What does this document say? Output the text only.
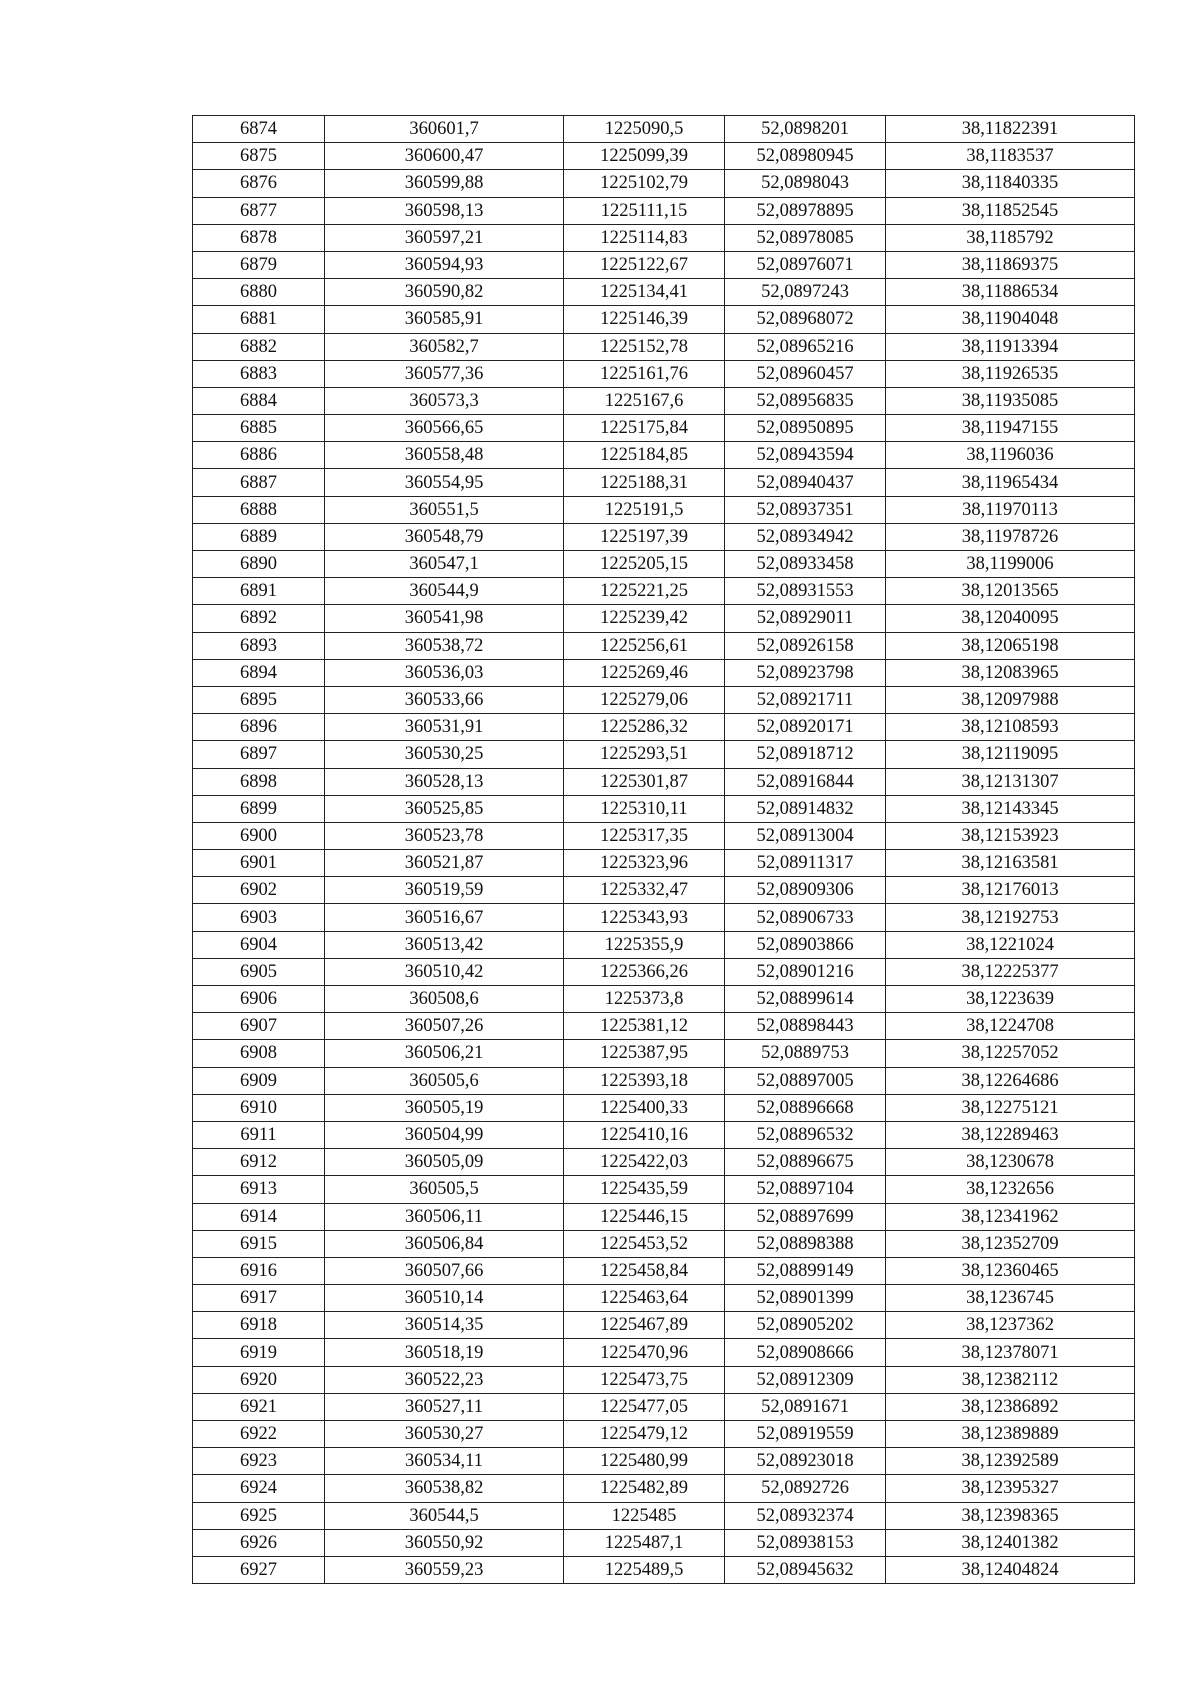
6874	360601,7	1225090,5	52,0898201	38,11822391
6875	360600,47	1225099,39	52,08980945	38,1183537
6876	360599,88	1225102,79	52,0898043	38,11840335
6877	360598,13	1225111,15	52,08978895	38,11852545
6878	360597,21	1225114,83	52,08978085	38,1185792
6879	360594,93	1225122,67	52,08976071	38,11869375
6880	360590,82	1225134,41	52,0897243	38,11886534
6881	360585,91	1225146,39	52,08968072	38,11904048
6882	360582,7	1225152,78	52,08965216	38,11913394
6883	360577,36	1225161,76	52,08960457	38,11926535
6884	360573,3	1225167,6	52,08956835	38,11935085
6885	360566,65	1225175,84	52,08950895	38,11947155
6886	360558,48	1225184,85	52,08943594	38,1196036
6887	360554,95	1225188,31	52,08940437	38,11965434
6888	360551,5	1225191,5	52,08937351	38,11970113
6889	360548,79	1225197,39	52,08934942	38,11978726
6890	360547,1	1225205,15	52,08933458	38,1199006
6891	360544,9	1225221,25	52,08931553	38,12013565
6892	360541,98	1225239,42	52,08929011	38,12040095
6893	360538,72	1225256,61	52,08926158	38,12065198
6894	360536,03	1225269,46	52,08923798	38,12083965
6895	360533,66	1225279,06	52,08921711	38,12097988
6896	360531,91	1225286,32	52,08920171	38,12108593
6897	360530,25	1225293,51	52,08918712	38,12119095
6898	360528,13	1225301,87	52,08916844	38,12131307
6899	360525,85	1225310,11	52,08914832	38,12143345
6900	360523,78	1225317,35	52,08913004	38,12153923
6901	360521,87	1225323,96	52,08911317	38,12163581
6902	360519,59	1225332,47	52,08909306	38,12176013
6903	360516,67	1225343,93	52,08906733	38,12192753
6904	360513,42	1225355,9	52,08903866	38,1221024
6905	360510,42	1225366,26	52,08901216	38,12225377
6906	360508,6	1225373,8	52,08899614	38,1223639
6907	360507,26	1225381,12	52,08898443	38,1224708
6908	360506,21	1225387,95	52,0889753	38,12257052
6909	360505,6	1225393,18	52,08897005	38,12264686
6910	360505,19	1225400,33	52,08896668	38,12275121
6911	360504,99	1225410,16	52,08896532	38,12289463
6912	360505,09	1225422,03	52,08896675	38,1230678
6913	360505,5	1225435,59	52,08897104	38,1232656
6914	360506,11	1225446,15	52,08897699	38,12341962
6915	360506,84	1225453,52	52,08898388	38,12352709
6916	360507,66	1225458,84	52,08899149	38,12360465
6917	360510,14	1225463,64	52,08901399	38,1236745
6918	360514,35	1225467,89	52,08905202	38,1237362
6919	360518,19	1225470,96	52,08908666	38,12378071
6920	360522,23	1225473,75	52,08912309	38,12382112
6921	360527,11	1225477,05	52,0891671	38,12386892
6922	360530,27	1225479,12	52,08919559	38,12389889
6923	360534,11	1225480,99	52,08923018	38,12392589
6924	360538,82	1225482,89	52,0892726	38,12395327
6925	360544,5	1225485	52,08932374	38,12398365
6926	360550,92	1225487,1	52,08938153	38,12401382
6927	360559,23	1225489,5	52,08945632	38,12404824
